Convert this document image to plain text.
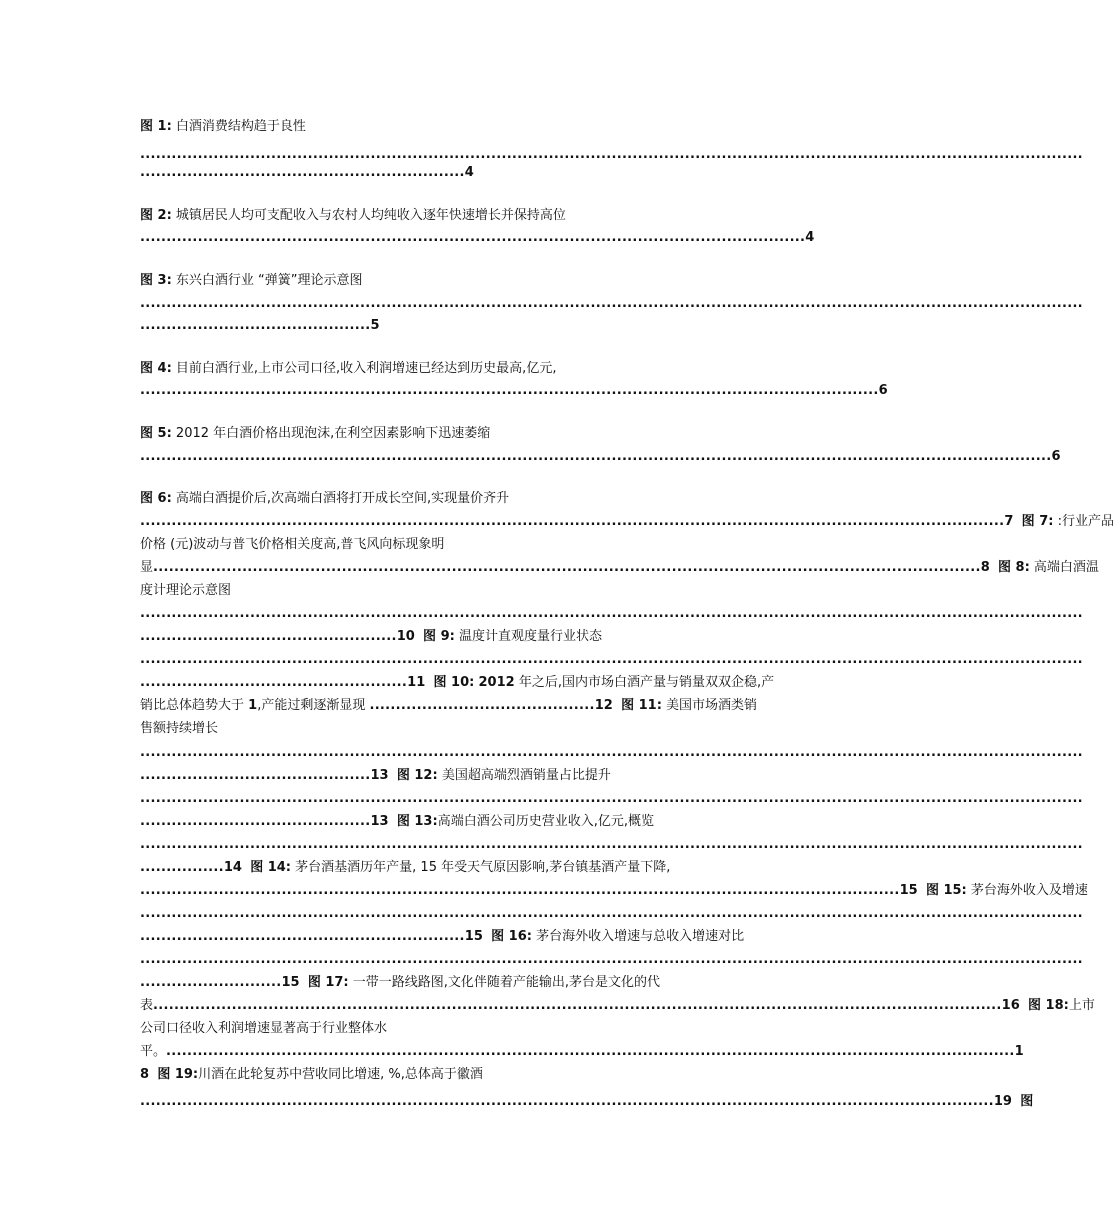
图 1: 白酒消费结构趋于良性
....................................................................................................................................................................................
..............................................................4
图 2: 城镇居民人均可支配收入与农村人均纯收入逐年快速增长并保持高位
...............................................................................................................................4
图 3: 东兴白酒行业 “弹簧”理论示意图
....................................................................................................................................................................................
............................................5
图 4: 目前白酒行业,上市公司口径,收入利润增速已经达到历史最高,亿元,
.............................................................................................................................................6
图 5: 2012 年白酒价格出现泡沫,在利空因素影响下迅速萎缩
..............................................................................................................................................................................6
图 6: 高端白酒提价后,次高端白酒将打开成长空间,实现量价齐升
.....................................................................................................................................................................7 图 7: :行业产品
价格 (元)波动与普飞价格相关度高,普飞风向标现象明
显..............................................................................................................................................................8 图 8: 高端白酒温
度计理论示意图
....................................................................................................................................................................................
.................................................10 图 9: 温度计直观度量行业状态
....................................................................................................................................................................................
...................................................11 图 10: 2012 年之后,国内市场白酒产量与销量双双企稳,产
销比总体趋势大于 1,产能过剩逐渐显现 ...........................................12 图 11: 美国市场酒类销
售额持续增长
....................................................................................................................................................................................
............................................13 图 12: 美国超高端烈酒销量占比提升
....................................................................................................................................................................................
............................................13 图 13:高端白酒公司历史营业收入,亿元,概览
....................................................................................................................................................................................
................14 图 14: 茅台酒基酒历年产量, 15 年受天气原因影响,茅台镇基酒产量下降,
.................................................................................................................................................15 图 15: 茅台海外收入及增速
....................................................................................................................................................................................
..............................................................15 图 16: 茅台海外收入增速与总收入增速对比
....................................................................................................................................................................................
...........................15 图 17: 一带一路线路图,文化伴随着产能输出,茅台是文化的代
表..................................................................................................................................................................16 图 18:上市
公司口径收入利润增速显著高于行业整体水
平。..................................................................................................................................................................1
8 图 19:川酒在此轮复苏中营收同比增速, %,总体高于徽酒
...................................................................................................................................................................19 图
